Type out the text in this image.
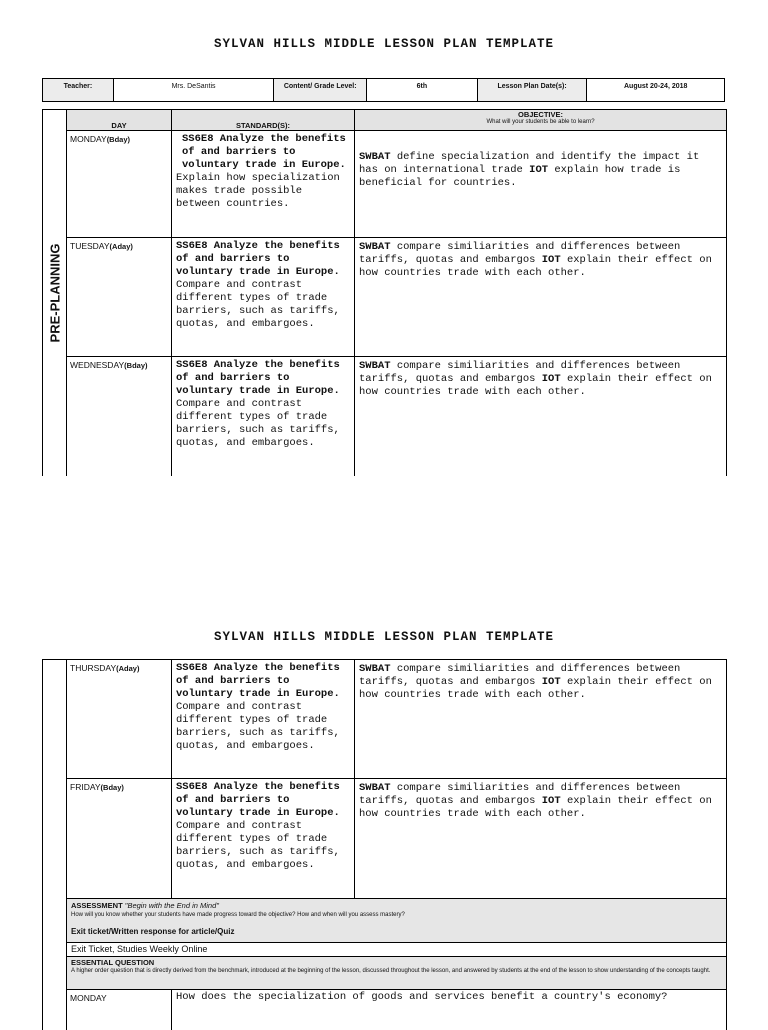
SYLVAN HILLS MIDDLE LESSON PLAN TEMPLATE
Teacher:	Mrs. DeSantis	Content/ Grade Level:	6th	Lesson Plan Date(s):	August 20-24, 2018
PRE-PLANNING	DAY	STANDARD(S):	OBJECTIVE:
What will your students be able to learn?

	MONDAY(Bday)	SS6E8 Analyze the benefits of and barriers to voluntary trade in Europe.
Explain how specialization makes trade possible between countries.	SWBAT define specialization and identify the impact it has on international trade IOT explain how trade is beneficial for countries.
	TUESDAY(Aday)	SS6E8 Analyze the benefits of and barriers to voluntary trade in Europe.
Compare and contrast different types of trade barriers, such as tariffs, quotas, and embargoes.	SWBAT compare similiarities and differences between tariffs, quotas and embargos IOT explain their effect on how countries trade with each other.
	WEDNESDAY(Bday)	SS6E8 Analyze the benefits of and barriers to voluntary trade in Europe.
Compare and contrast different types of trade barriers, such as tariffs, quotas, and embargoes.	SWBAT compare similiarities and differences between tariffs, quotas and embargos IOT explain their effect on how countries trade with each other.
SYLVAN HILLS MIDDLE LESSON PLAN TEMPLATE
	THURSDAY(Aday)	SS6E8 Analyze the benefits of and barriers to voluntary trade in Europe.
Compare and contrast different types of trade barriers, such as tariffs, quotas, and embargoes.	SWBAT compare similiarities and differences between tariffs, quotas and embargos IOT explain their effect on how countries trade with each other.
	FRIDAY(Bday)	SS6E8 Analyze the benefits of and barriers to voluntary trade in Europe.
Compare and contrast different types of trade barriers, such as tariffs, quotas, and embargoes.	SWBAT compare similiarities and differences between tariffs, quotas and embargos IOT explain their effect on how countries trade with each other.
	ASSESSMENT "Begin with the End in Mind"
How will you know whether your students have made progress toward the objective? How and when will you assess mastery?
Exit ticket/Written response for article/Quiz		

	Exit Ticket, Studies Weekly Online		

	ESSENTIAL QUESTION
A higher order question that is directly derived from the benchmark, introduced at the beginning of the lesson, discussed throughout the lesson, and answered by students at the end of the lesson to show understanding of the concepts taught.		

	MONDAY	How does the specialization of goods and services benefit a country's economy?	
